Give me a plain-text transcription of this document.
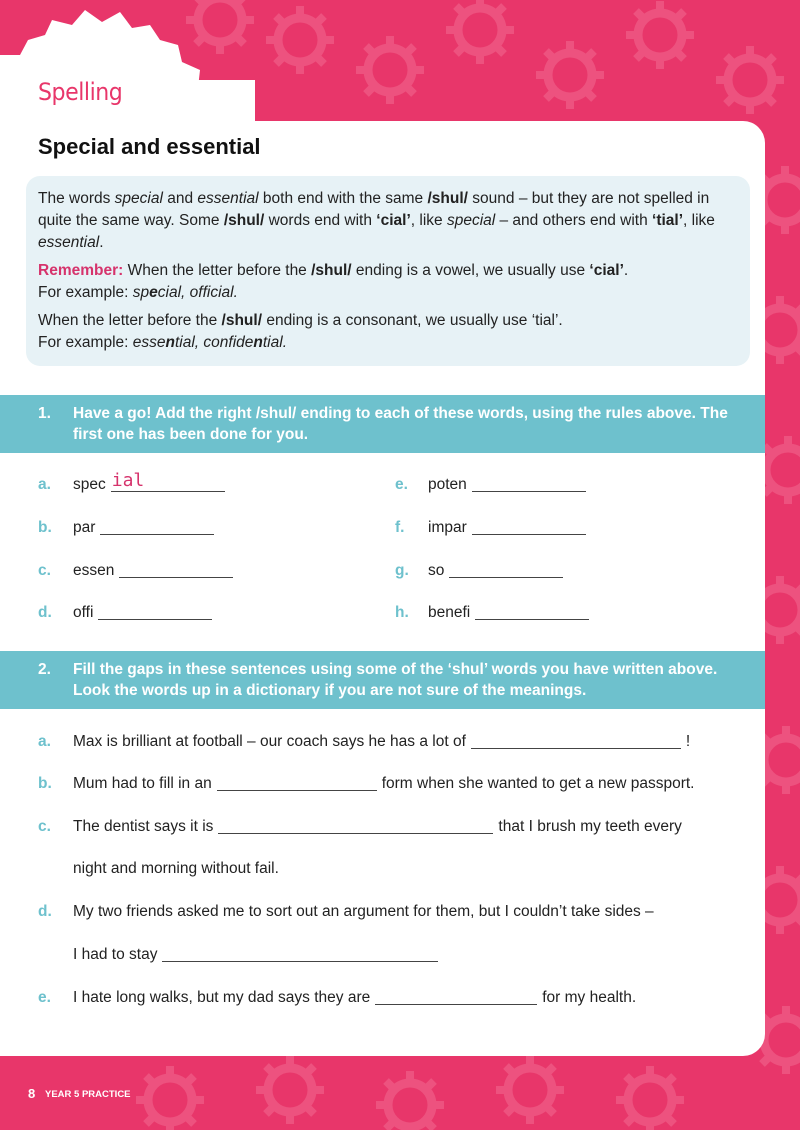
Spelling
Special and essential
The words special and essential both end with the same /shul/ sound – but they are not spelled in quite the same way. Some /shul/ words end with ‘cial’, like special – and others end with ‘tial’, like essential.
Remember: When the letter before the /shul/ ending is a vowel, we usually use ‘cial’.
For example: special, official.
When the letter before the /shul/ ending is a consonant, we usually use ‘tial’.
For example: essential, confidential.
1. Have a go! Add the right /shul/ ending to each of these words, using the rules above. The first one has been done for you.
a. spec ial
b. par
c. essen
d. offi
e. poten
f. impar
g. so
h. benefi
2. Fill the gaps in these sentences using some of the ‘shul’ words you have written above. Look the words up in a dictionary if you are not sure of the meanings.
a. Max is brilliant at football – our coach says he has a lot of	!
b. Mum had to fill in an	form when she wanted to get a new passport.
c. The dentist says it is	that I brush my teeth every
night and morning without fail.
d. My two friends asked me to sort out an argument for them, but I couldn’t take sides –
I had to stay
e. I hate long walks, but my dad says they are	for my health.
8 YEAR 5 PRACTICE
